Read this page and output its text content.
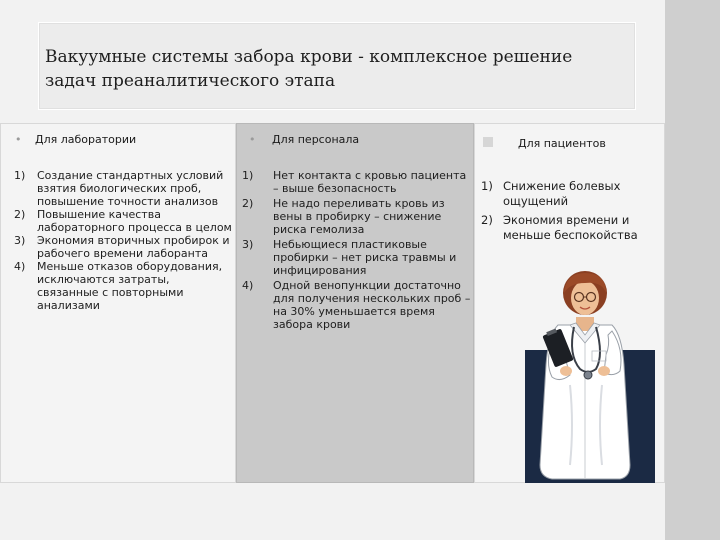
Вакуумные системы забора крови - комплексное решение задач преаналитического этапа
• Для лаборатории
1)	Создание стандартных условий взятия биологических проб, повышение точности анализов
2)	Повышение качества лабораторного процесса в целом
3)	Экономия вторичных пробирок и рабочего времени лаборанта
4)	Меньше отказов оборудования, исключаются затраты, связанные с повторными анализами
• Для персонала
1)	Нет контакта с кровью пациента – выше безопасность
2)	Не надо переливать кровь из вены в пробирку – снижение риска гемолиза
3)	Небьющиеся пластиковые пробирки – нет риска травмы и инфицирования
4)	Одной венопункции достаточно для получения нескольких проб – на 30% уменьшается время забора крови
Для пациентов
1) Снижение болевых ощущений
2) Экономия времени и меньше беспокойства
